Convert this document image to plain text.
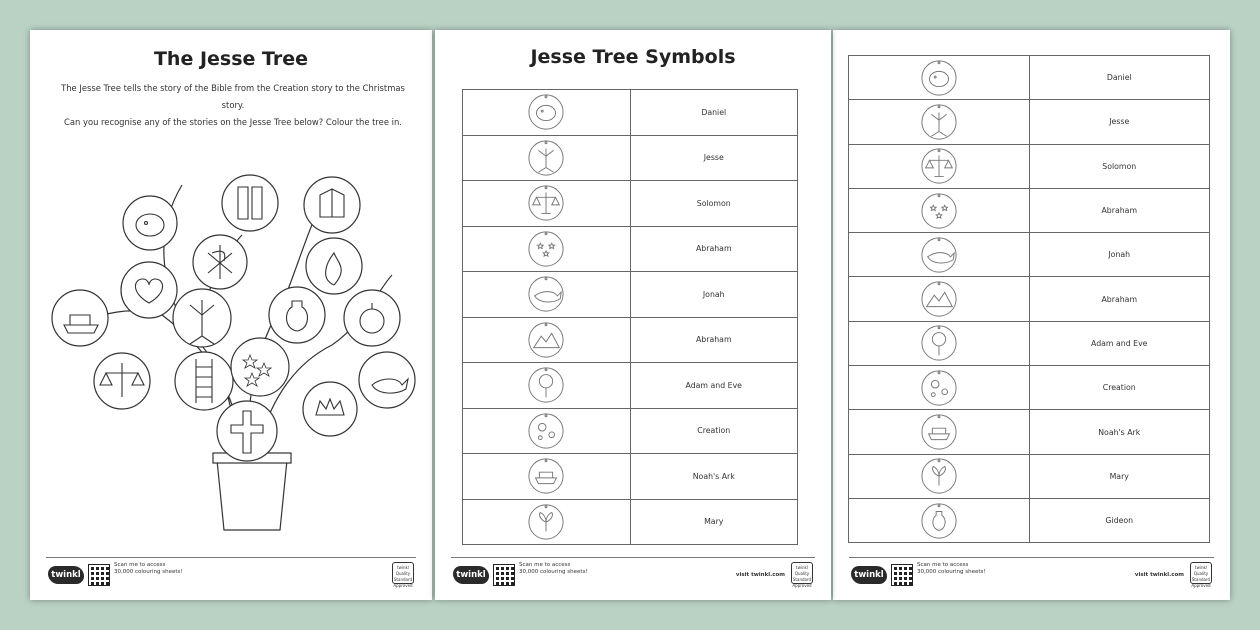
The Jesse Tree
The Jesse Tree tells the story of the Bible from the Creation story to the Christmas story.
Can you recognise any of the stories on the Jesse Tree below? Colour the tree in.
twinkl
Scan me to access 30,000 colouring sheets!
twinkl Quality Standard Approved
Jesse Tree Symbols
	Daniel

	Jesse

	Solomon

	Abraham

	Jonah

	Abraham

	Adam and Eve

	Creation

	Noah's Ark

	Mary
twinkl
Scan me to access 30,000 colouring sheets!	visit twinkl.com
twinkl Quality Standard Approved
	Daniel

	Jesse

	Solomon

	Abraham

	Jonah

	Abraham

	Adam and Eve

	Creation

	Noah's Ark

	Mary

	Gideon
twinkl
Scan me to access 30,000 colouring sheets!	visit twinkl.com
twinkl Quality Standard Approved
